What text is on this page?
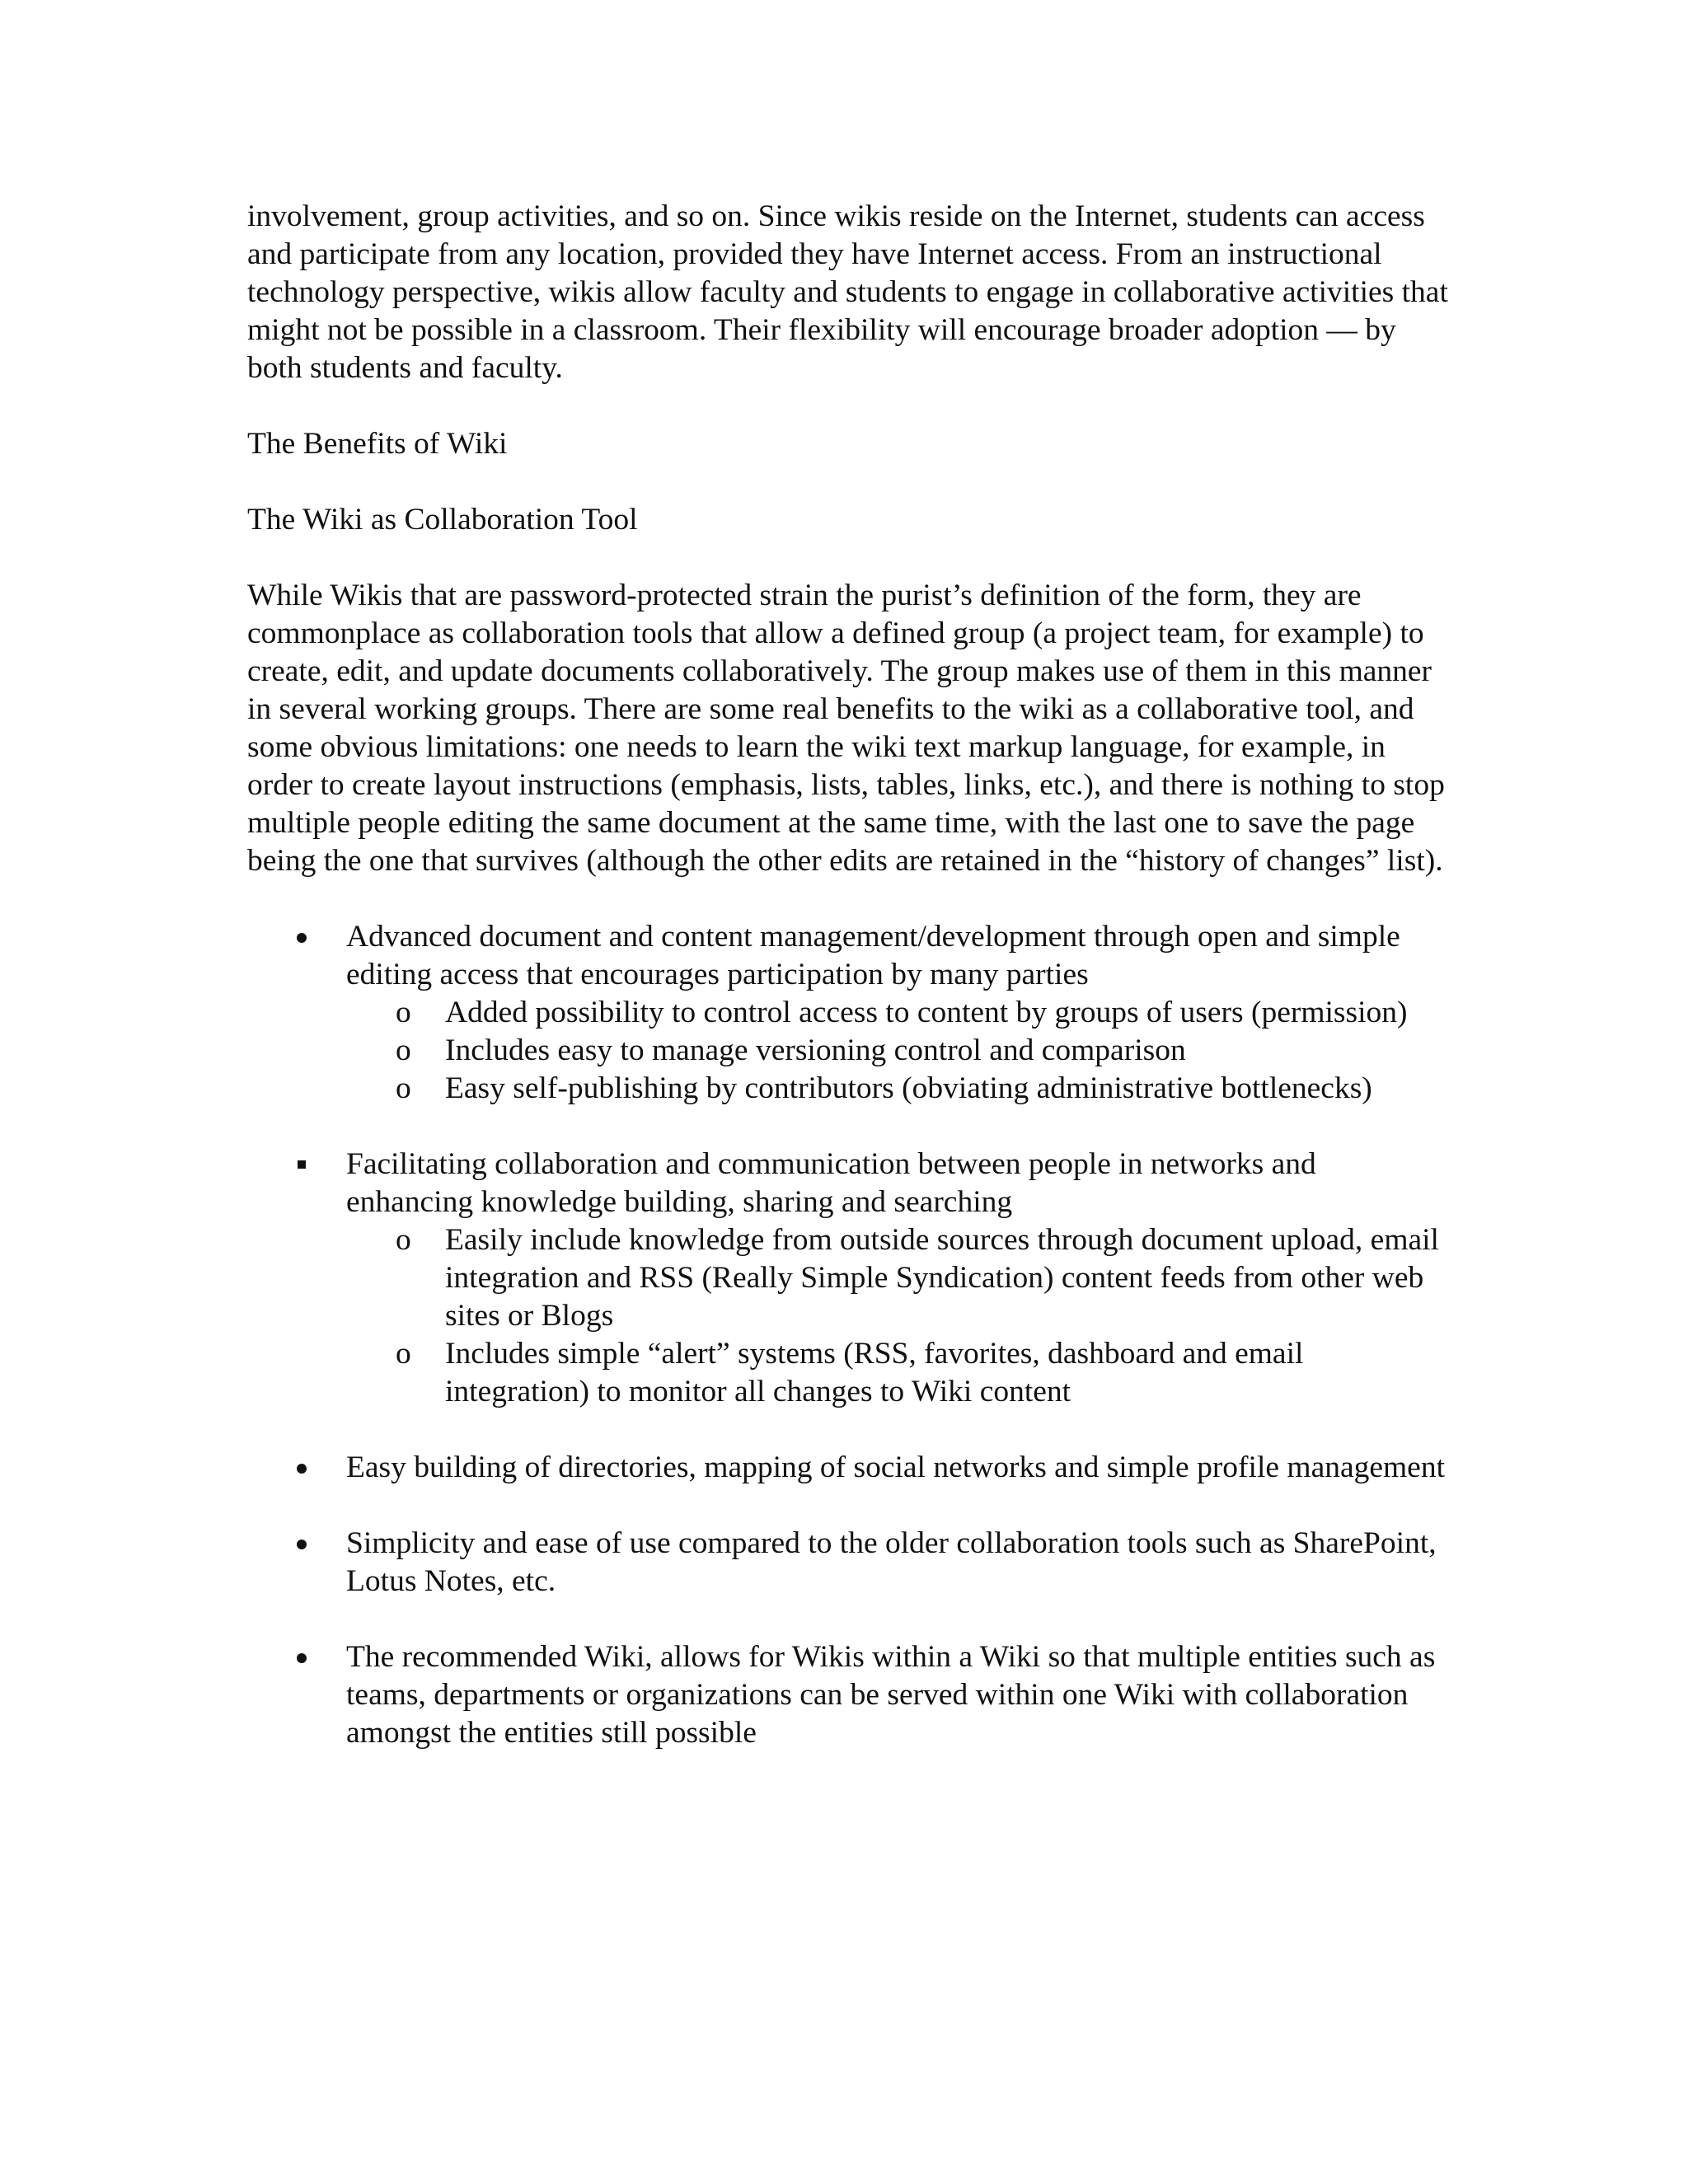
involvement, group activities, and so on. Since wikis reside on the Internet, students can access and participate from any location, provided they have Internet access. From an instructional technology perspective, wikis allow faculty and students to engage in collaborative activities that might not be possible in a classroom. Their flexibility will encourage broader adoption — by both students and faculty.

The Benefits of Wiki

The Wiki as Collaboration Tool

While Wikis that are password-protected strain the purist’s definition of the form, they are commonplace as collaboration tools that allow a defined group (a project team, for example) to create, edit, and update documents collaboratively. The group makes use of them in this manner in several working groups. There are some real benefits to the wiki as a collaborative tool, and some obvious limitations: one needs to learn the wiki text markup language, for example, in order to create layout instructions (emphasis, lists, tables, links, etc.), and there is nothing to stop multiple people editing the same document at the same time, with the last one to save the page being the one that survives (although the other edits are retained in the “history of changes” list).

Advanced document and content management/development through open and simple editing access that encourages participation by many parties
o	Added possibility to control access to content by groups of users (permission)
o	Includes easy to manage versioning control and comparison
o	Easy self-publishing by contributors (obviating administrative bottlenecks)
Facilitating collaboration and communication between people in networks and enhancing knowledge building, sharing and searching
o	Easily include knowledge from outside sources through document upload, email integration and RSS (Really Simple Syndication) content feeds from other web sites or Blogs
o	Includes simple “alert” systems (RSS, favorites, dashboard and email integration) to monitor all changes to Wiki content
Easy building of directories, mapping of social networks and simple profile management
Simplicity and ease of use compared to the older collaboration tools such as SharePoint, Lotus Notes, etc.
The recommended Wiki, allows for Wikis within a Wiki so that multiple entities such as teams, departments or organizations can be served within one Wiki with collaboration amongst the entities still possible
